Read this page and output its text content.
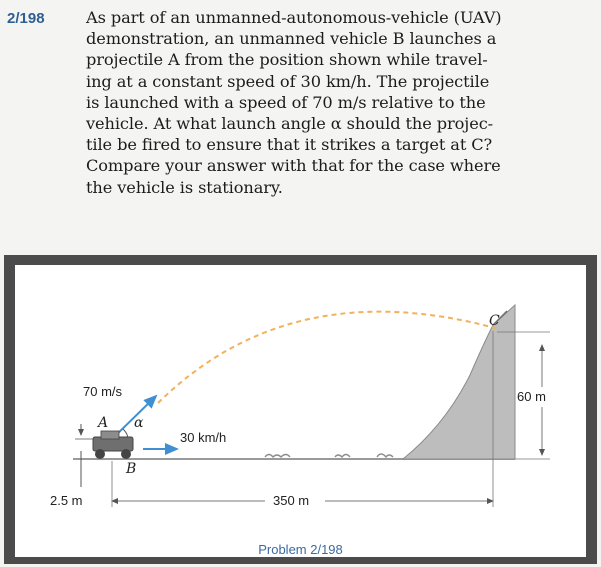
2/198	As part of an unmanned-autonomous-vehicle (UAV)
demonstration, an unmanned vehicle B launches a
projectile A from the position shown while travel-
ing at a constant speed of 30 km/h. The projectile
is launched with a speed of 70 m/s relative to the
vehicle. At what launch angle α should the projec-
tile be fired to ensure that it strikes a target at C?
Compare your answer with that for the case where
the vehicle is stationary.
70 m/s
A α
30 km/h
B
C
2.5 m	350 m
60 m
Problem 2/198
